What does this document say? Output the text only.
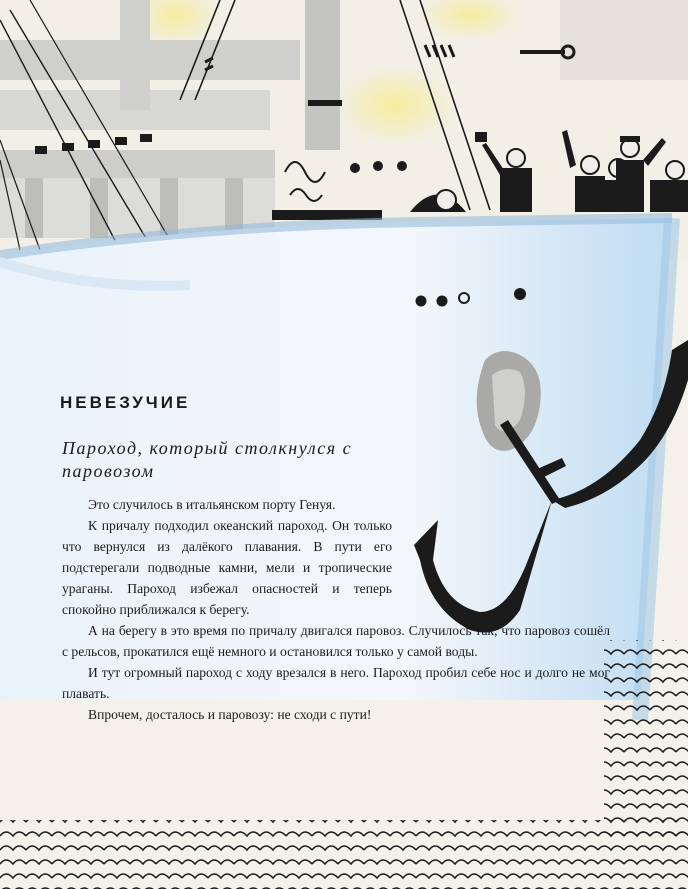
НЕВЕЗУЧИЕ
Пароход, который столкнулся с паровозом

Это случилось в итальянском порту Генуя.

К причалу подходил океанский пароход. Он только что вернулся из далёкого плавания. В пути его подстерегали подводные камни, мели и тропические ураганы. Пароход избежал опасностей и теперь спокойно приближался к берегу.

А на берегу в это время по причалу двигался паровоз. Случилось так, что паровоз сошёл с рельсов, прокатился ещё немного и остановился только у самой воды.

И тут огромный пароход с ходу врезался в него. Пароход пробил себе нос и долго не мог плавать.

Впрочем, досталось и паровозу: не сходи с пути!
